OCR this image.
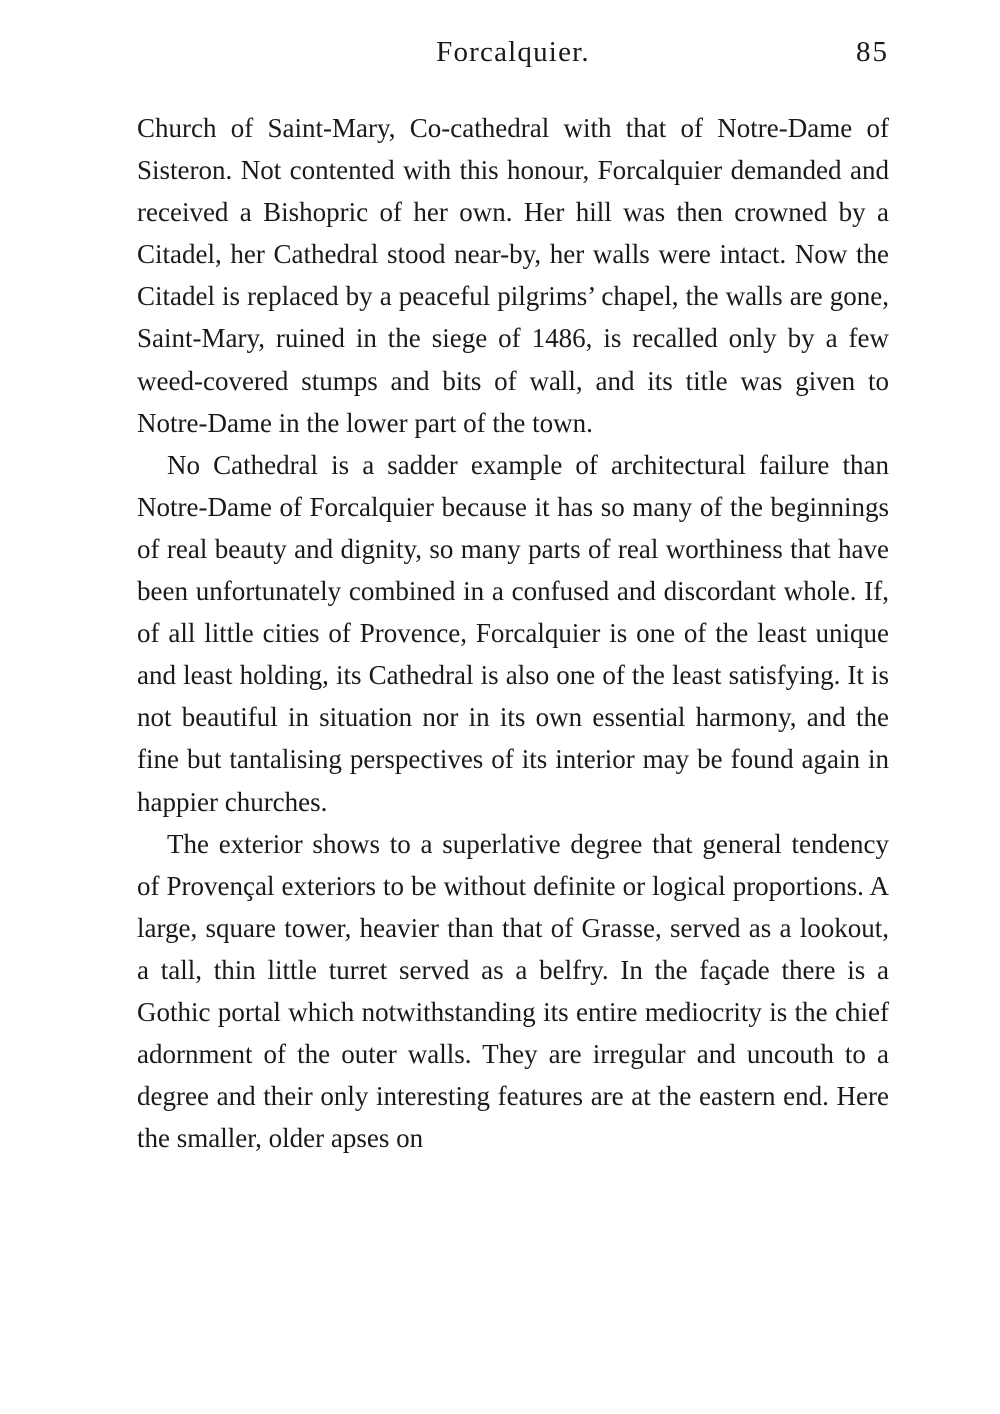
Forcalquier.	85

Church of Saint-Mary, Co-cathedral with that of Notre-Dame of Sisteron. Not contented with this honour, Forcalquier demanded and received a Bishopric of her own. Her hill was then crowned by a Citadel, her Cathedral stood near-by, her walls were intact. Now the Citadel is replaced by a peaceful pilgrims’ chapel, the walls are gone, Saint-Mary, ruined in the siege of 1486, is recalled only by a few weed-covered stumps and bits of wall, and its title was given to Notre-Dame in the lower part of the town.

No Cathedral is a sadder example of architectural failure than Notre-Dame of Forcalquier because it has so many of the beginnings of real beauty and dignity, so many parts of real worthiness that have been unfortunately combined in a confused and discordant whole. If, of all little cities of Provence, Forcalquier is one of the least unique and least holding, its Cathedral is also one of the least satisfying. It is not beautiful in situation nor in its own essential harmony, and the fine but tantalising perspectives of its interior may be found again in happier churches.

The exterior shows to a superlative degree that general tendency of Provençal exteriors to be without definite or logical proportions. A large, square tower, heavier than that of Grasse, served as a lookout, a tall, thin little turret served as a belfry. In the façade there is a Gothic portal which notwithstanding its entire mediocrity is the chief adornment of the outer walls. They are irregular and uncouth to a degree and their only interesting features are at the eastern end. Here the smaller, older apses on
